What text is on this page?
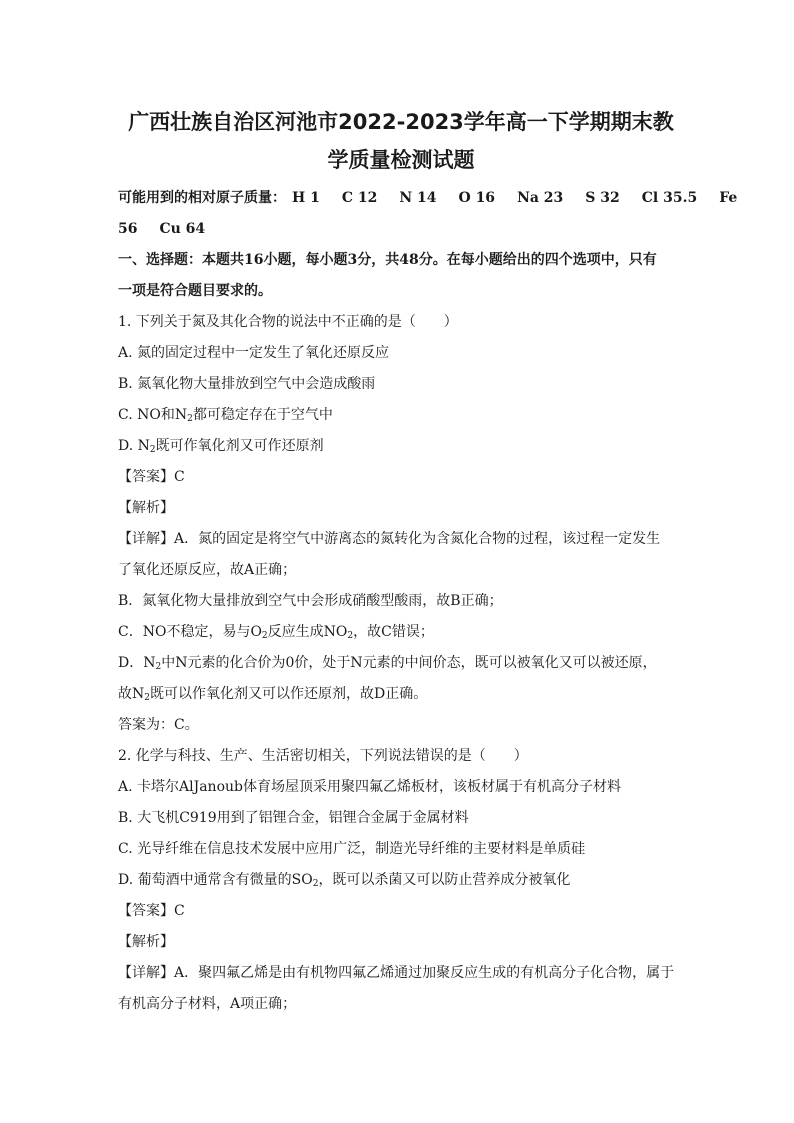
广西壮族自治区河池市2022-2023学年高一下学期期末教
学质量检测试题
可能用到的相对原子质量： H 1 C 12 N 14 O 16 Na 23 S 32 Cl 35.5 Fe
56 Cu 64
一、选择题：本题共16小题，每小题3分，共48分。在每小题给出的四个选项中，只有
一项是符合题目要求的。
1. 下列关于氮及其化合物的说法中不正确的是（　　）
A. 氮的固定过程中一定发生了氧化还原反应
B. 氮氧化物大量排放到空气中会造成酸雨
C. NO和$N_2$都可稳定存在于空气中
D. $N_2$既可作氧化剂又可作还原剂
【答案】C
【解析】
【详解】A．氮的固定是将空气中游离态的氮转化为含氮化合物的过程，该过程一定发生
了氧化还原反应，故A正确；
B．氮氧化物大量排放到空气中会形成硝酸型酸雨，故B正确；
C．NO不稳定，易与$O_2$反应生成$NO_2$，故C错误；
D．$N_2$中N元素的化合价为0价，处于N元素的中间价态，既可以被氧化又可以被还原，
故$N_2$既可以作氧化剂又可以作还原剂，故D正确。
答案为：C。
2. 化学与科技、生产、生活密切相关，下列说法错误的是（　　）
A. 卡塔尔AlJanoub体育场屋顶采用聚四氟乙烯板材，该板材属于有机高分子材料
B. 大飞机C919用到了铝锂合金，铝锂合金属于金属材料
C. 光导纤维在信息技术发展中应用广泛，制造光导纤维的主要材料是单质硅
D. 葡萄酒中通常含有微量的$SO_2$，既可以杀菌又可以防止营养成分被氧化
【答案】C
【解析】
【详解】A．聚四氟乙烯是由有机物四氟乙烯通过加聚反应生成的有机高分子化合物，属于
有机高分子材料，A项正确；
